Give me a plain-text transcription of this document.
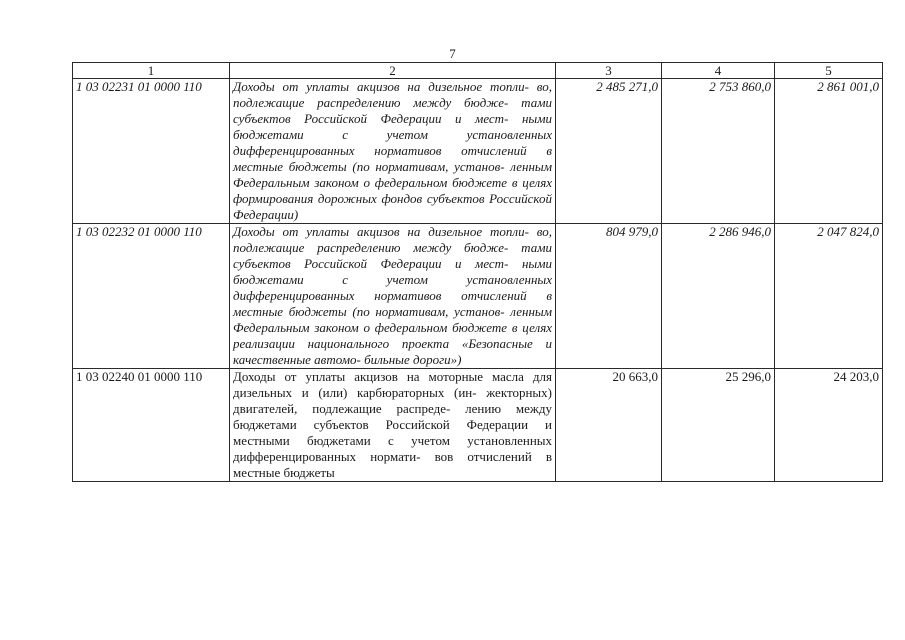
7
1	2	3	4	5
1 03 02231 01 0000 110	Доходы от уплаты акцизов на дизельное топли- во, подлежащие распределению между бюдже- тами субъектов Российской Федерации и мест- ными бюджетами с учетом установленных дифференцированных нормативов отчислений в местные бюджеты (по нормативам, установ- ленным Федеральным законом о федеральном бюджете в целях формирования дорожных фондов субъектов Российской Федерации)	2 485 271,0	2 753 860,0	2 861 001,0
1 03 02232 01 0000 110	Доходы от уплаты акцизов на дизельное топли- во, подлежащие распределению между бюдже- тами субъектов Российской Федерации и мест- ными бюджетами с учетом установленных дифференцированных нормативов отчислений в местные бюджеты (по нормативам, установ- ленным Федеральным законом о федеральном бюджете в целях реализации национального проекта «Безопасные и качественные автомо- бильные дороги»)	804 979,0	2 286 946,0	2 047 824,0
1 03 02240 01 0000 110	Доходы от уплаты акцизов на моторные масла для дизельных и (или) карбюраторных (ин- жекторных) двигателей, подлежащие распреде- лению между бюджетами субъектов Российской Федерации и местными бюджетами с учетом установленных дифференцированных нормати- вов отчислений в местные бюджеты	20 663,0	25 296,0	24 203,0
